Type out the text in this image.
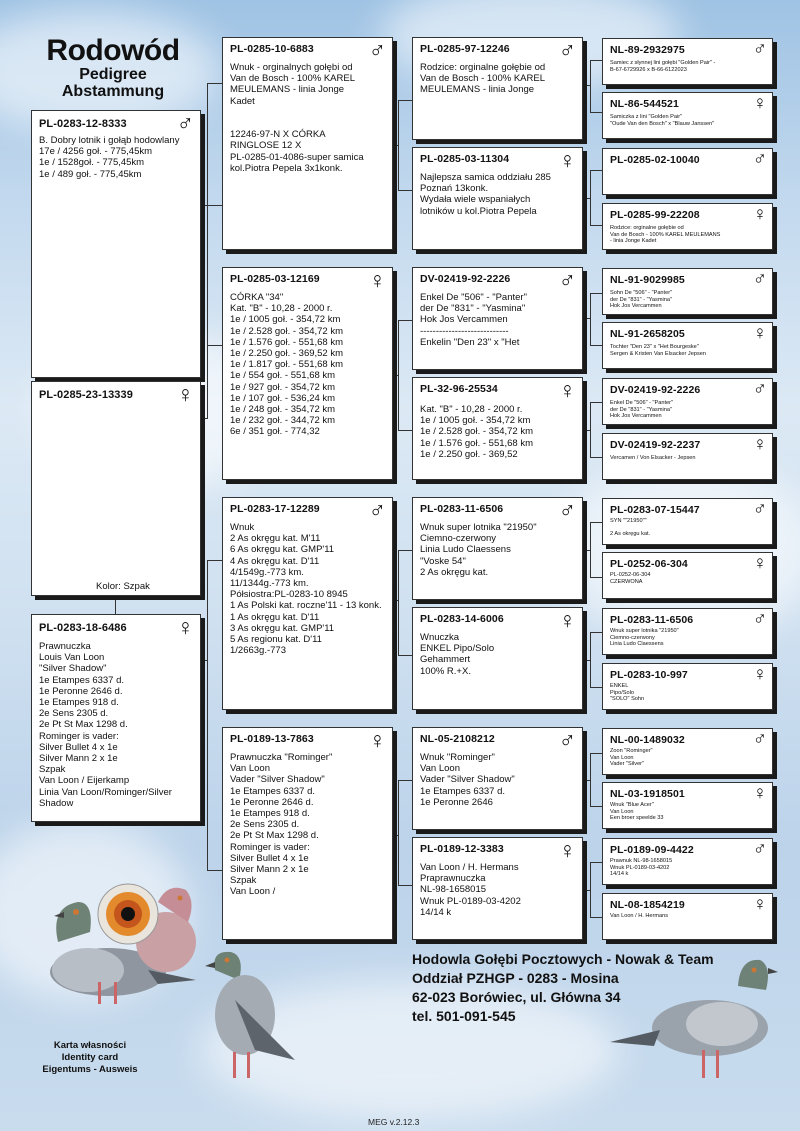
Rodowód
Pedigree
Abstammung
PL-0283-12-8333 ♂
B. Dobry lotnik i gołąb hodowlany
17e / 4256 goł. - 775,45km
1e / 1528goł. - 775,45km
1e / 489 goł. - 775,45km
PL-0285-23-13339 ♀
Kolor: Szpak
PL-0283-18-6486 ♀
Prawnuczka
Louis Van Loon
"Silver Shadow"
1e Etampes 6337 d.
1e Peronne 2646 d.
1e Etampes 918 d.
2e Sens 2305 d.
2e Pt St Max 1298 d.
Rominger is vader:
Silver Bullet 4 x 1e
Silver Mann 2 x 1e
Szpak
Van Loon / Eijerkamp
Linia Van Loon/Rominger/Silver Shadow
PL-0285-10-6883 ♂
Wnuk - orginalnych gołębi od
Van de Bosch - 100% KAREL
MEULEMANS - linia Jonge
Kadet

12246-97-N X CÓRKA
RINGLOSE 12 X
PL-0285-01-4086-super samica
kol.Piotra Pepela 3x1konk.
PL-0285-03-12169 ♀
CÓRKA "34"
Kat. "B" - 10,28 - 2000 r.
1e / 1005 goł. - 354,72 km
1e / 2.528 goł. - 354,72 km
1e / 1.576 goł. - 551,68 km
1e / 2.250 goł. - 369,52 km
1e / 1.817 goł. - 551,68 km
1e / 554 goł. - 551,68 km
1e / 927 goł. - 354,72 km
1e / 107 goł. - 536,24 km
1e / 248 goł. - 354,72 km
1e / 232 goł. - 344,72 km
6e / 351 goł. - 774,32
PL-0283-17-12289 ♂
Wnuk
2 As okręgu kat. M'11
6 As okręgu kat. GMP'11
4 As okręgu kat. D'11
4/1549g.-773 km.
11/1344g.-773 km.
Półsiostra:PL-0283-10 8945
1 As Polski kat. roczne'11 - 13 konk.
1 As okręgu kat. D'11
3 As okręgu kat. GMP'11
5 As regionu kat. D'11
1/2663g.-773
PL-0189-13-7863 ♀
Prawnuczka "Rominger"
Van Loon
Vader "Silver Shadow"
1e Etampes 6337 d.
1e Peronne 2646 d.
1e Etampes 918 d.
2e Sens 2305 d.
2e Pt St Max 1298 d.
Rominger is vader:
Silver Bullet 4 x 1e
Silver Mann 2 x 1e
Szpak
Van Loon /
PL-0285-97-12246 ♂
Rodzice: orginalne gołębie od
Van de Bosch - 100% KAREL
MEULEMANS - linia Jonge
PL-0285-03-11304 ♀
Najlepsza samica oddziału 285
Poznań 13konk.
Wydała wiele wspaniałych
lotników u kol.Piotra Pepela
DV-02419-92-2226 ♂
Enkel De "506" - "Panter"
der De "831" - "Yasmina"
Hok Jos Vercammen
----------------------------
Enkelin "Den 23" x "Het
PL-32-96-25534	♀
Kat. "B" - 10,28 - 2000 r.
1e / 1005 goł. - 354,72 km
1e / 2.528 goł. - 354,72 km
1e / 1.576 goł. - 551,68 km
1e / 2.250 goł. - 369,52
PL-0283-11-6506 ♂
Wnuk super lotnika "21950"
Ciemno-czerwony
Linia Ludo Claessens
"Voske 54"
2 As okręgu kat.
PL-0283-14-6006 ♀
Wnuczka
ENKEL Pipo/Solo
Gehammert
100% R.+X.
NL-05-2108212	♂
Wnuk "Rominger"
Van Loon
Vader "Silver Shadow"
1e Etampes 6337 d.
1e Peronne 2646
PL-0189-12-3383 ♀
Van Loon / H. Hermans
Praprawnuczka
NL-98-1658015
Wnuk PL-0189-03-4202
14/14 k
NL-89-2932975	♂
Samiec z słynnej lini gołębi "Golden Pair" -
B-67-6729926 x B-66-6122023
NL-86-544521	♀
Samiczka z lini "Golden Pair"
"Oude Van den Bosch" x "Blauw Janssen"
PL-0285-02-10040	♂
PL-0285-99-22208	♀
Rodzice: orginalne gołębie od
Van de Bosch - 100% KAREL MEULEMANS
- linia Jonge Kadet
NL-91-9029985	♂
Sohn De "506" - "Panter"
der De "831" - "Yasmina"
Hok Jos Vercammen
NL-91-2658205	♀
Tochter "Den 23" x "Het Bourgeske"
Sergen & Kristen Van Elsacker Jepsen
DV-02419-92-2226	♂
Enkel De "506" - "Panter"
der De "831" - "Yasmina"
Hok Jos Vercammen
DV-02419-92-2237	♀
Vercamen / Von Elsacker - Jepsen
PL-0283-07-15447	♂
SYN ""21950""

2 As okręgu kat.
PL-0252-06-304	♀
PL-0252-06-304
CZERWONA
PL-0283-11-6506	♂
Wnuk super lotnika "21950"
Ciemno-czerwony
Linia Ludo Claessens
PL-0283-10-997	♀
ENKEL
Pipo/Solo
"SOLO" Sohn
NL-00-1489032	♂
Zoon "Rominger"
Van Loon
Vader "Silver"
NL-03-1918501	♀
Wnuk "Blue Acer"
Van Loon
Een broer speelde 33
PL-0189-09-4422	♂
Prawnuk NL-98-1658015
Wnuk PL-0189-03-4202
14/14 k
NL-08-1854219	♀
Van Loon / H. Hermans
Hodowla Gołębi Pocztowych - Nowak & Team
Oddział PZHGP - 0283 - Mosina
62-023 Borówiec, ul. Główna 34
tel. 501-091-545
Karta własności
Identity card
Eigentums - Ausweis
MEG v.2.12.3
